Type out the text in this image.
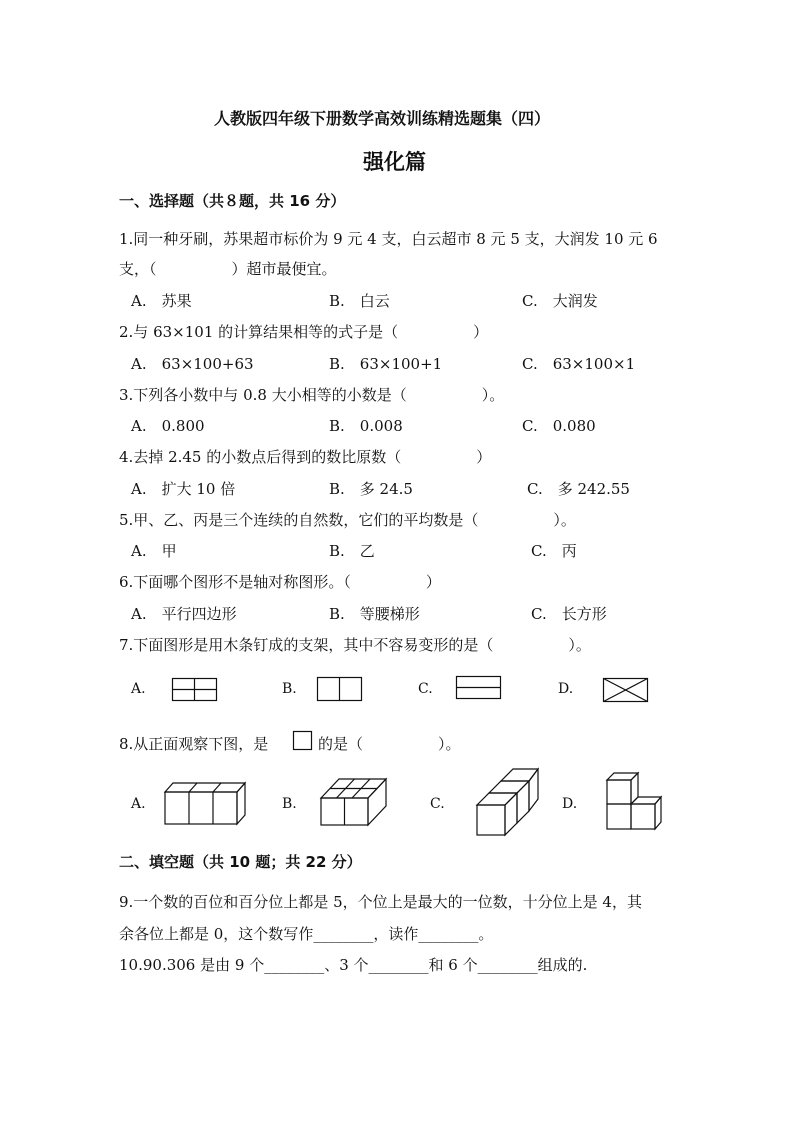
人教版四年级下册数学高效训练精选题集（四）
强化篇
一、选择题（共８题，共 16 分）
1.同一种牙刷，苏果超市标价为 9 元 4 支，白云超市 8 元 5 支，大润发 10 元 6
支，（　　　　　）超市最便宜。
A.　苏果	B.　白云	C.　大润发
2.与 63×101 的计算结果相等的式子是（　　　　　）
A.　63×100+63	B.　63×100+1	C.　63×100×1
3.下列各小数中与 0.8 大小相等的小数是（　　　　　）。
A.　0.800	B.　0.008	C.　0.080
4.去掉 2.45 的小数点后得到的数比原数（　　　　　）
A.　扩大 10 倍	B.　多 24.5	C.　多 242.55
5.甲、乙、丙是三个连续的自然数，它们的平均数是（　　　　　）。
A.　甲	B.　乙	C.　丙
6.下面哪个图形不是轴对称图形。（　　　　　）
A.　平行四边形	B.　等腰梯形	C.　长方形
7.下面图形是用木条钉成的支架，其中不容易变形的是（　　　　　）。
A.	B.	C.	D.
8.从正面观察下图，是	的是（　　　　　）。
A.	B.	C.	D.
二、填空题（共 10 题；共 22 分）
9.一个数的百位和百分位上都是 5，个位上是最大的一位数，十分位上是 4，其
余各位上都是 0，这个数写作________，读作________。
10.90.306 是由 9 个________、3 个________和 6 个________组成的.
